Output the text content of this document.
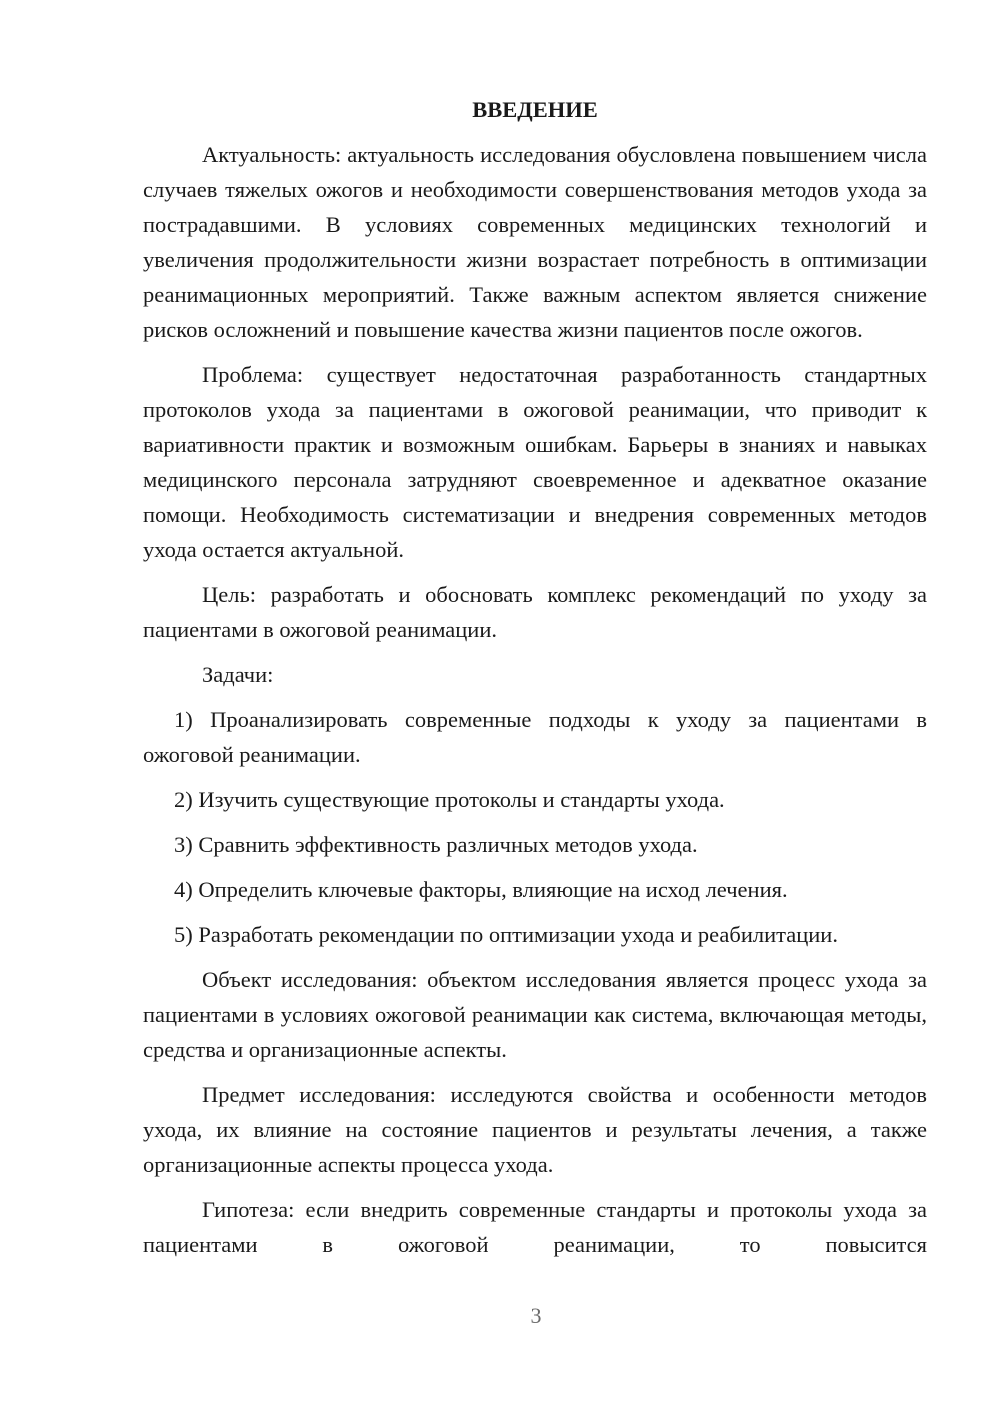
ВВЕДЕНИЕ

Актуальность: актуальность исследования обусловлена повышением числа случаев тяжелых ожогов и необходимости совершенствования методов ухода за пострадавшими. В условиях современных медицинских технологий и увеличения продолжительности жизни возрастает потребность в оптимизации реанимационных мероприятий. Также важным аспектом является снижение рисков осложнений и повышение качества жизни пациентов после ожогов.

Проблема: существует недостаточная разработанность стандартных протоколов ухода за пациентами в ожоговой реанимации, что приводит к вариативности практик и возможным ошибкам. Барьеры в знаниях и навыках медицинского персонала затрудняют своевременное и адекватное оказание помощи. Необходимость систематизации и внедрения современных методов ухода остается актуальной.

Цель: разработать и обосновать комплекс рекомендаций по уходу за пациентами в ожоговой реанимации.

Задачи:

1) Проанализировать современные подходы к уходу за пациентами в ожоговой реанимации.

2) Изучить существующие протоколы и стандарты ухода.

3) Сравнить эффективность различных методов ухода.

4) Определить ключевые факторы, влияющие на исход лечения.

5) Разработать рекомендации по оптимизации ухода и реабилитации.

Объект исследования: объектом исследования является процесс ухода за пациентами в условиях ожоговой реанимации как система, включающая методы, средства и организационные аспекты.

Предмет исследования: исследуются свойства и особенности методов ухода, их влияние на состояние пациентов и результаты лечения, а также организационные аспекты процесса ухода.

Гипотеза: если внедрить современные стандарты и протоколы ухода за пациентами в ожоговой реанимации, то повысится

3
